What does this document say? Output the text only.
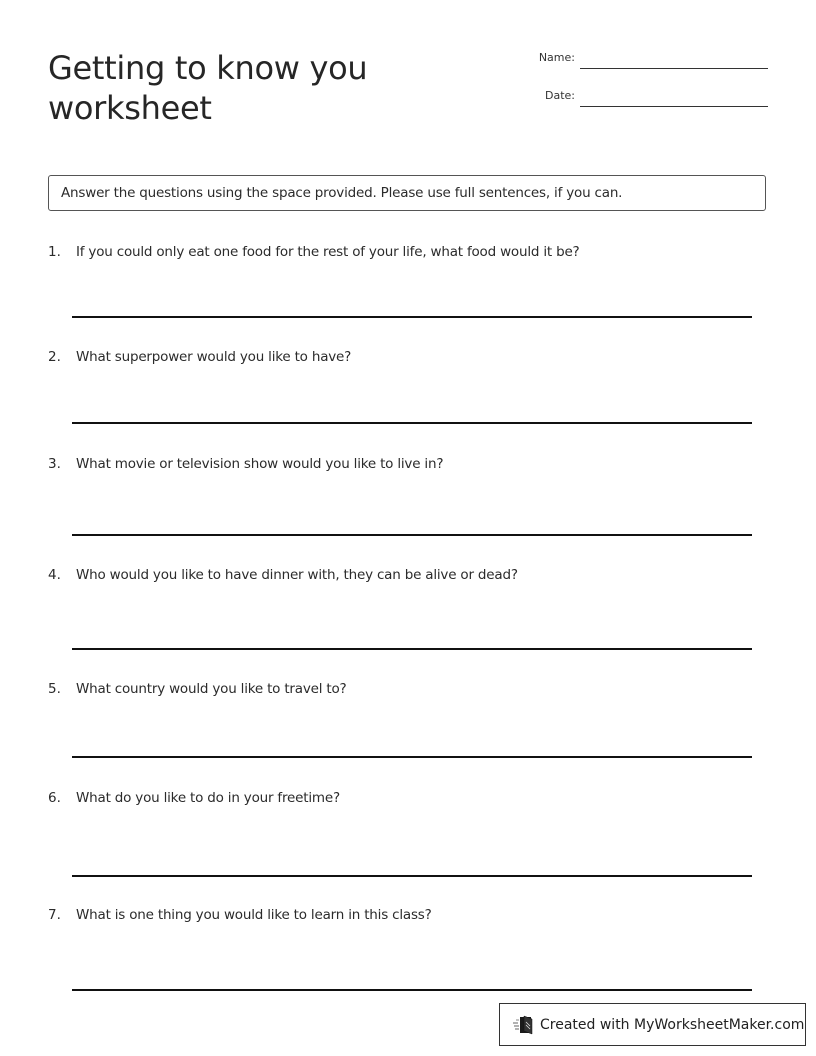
Getting to know you
worksheet
Name:
Date:
Answer the questions using the space provided. Please use full sentences, if you can.
1. If you could only eat one food for the rest of your life, what food would it be?
2. What superpower would you like to have?
3. What movie or television show would you like to live in?
4. Who would you like to have dinner with, they can be alive or dead?
5. What country would you like to travel to?
6. What do you like to do in your freetime?
7. What is one thing you would like to learn in this class?
Created with MyWorksheetMaker.com
